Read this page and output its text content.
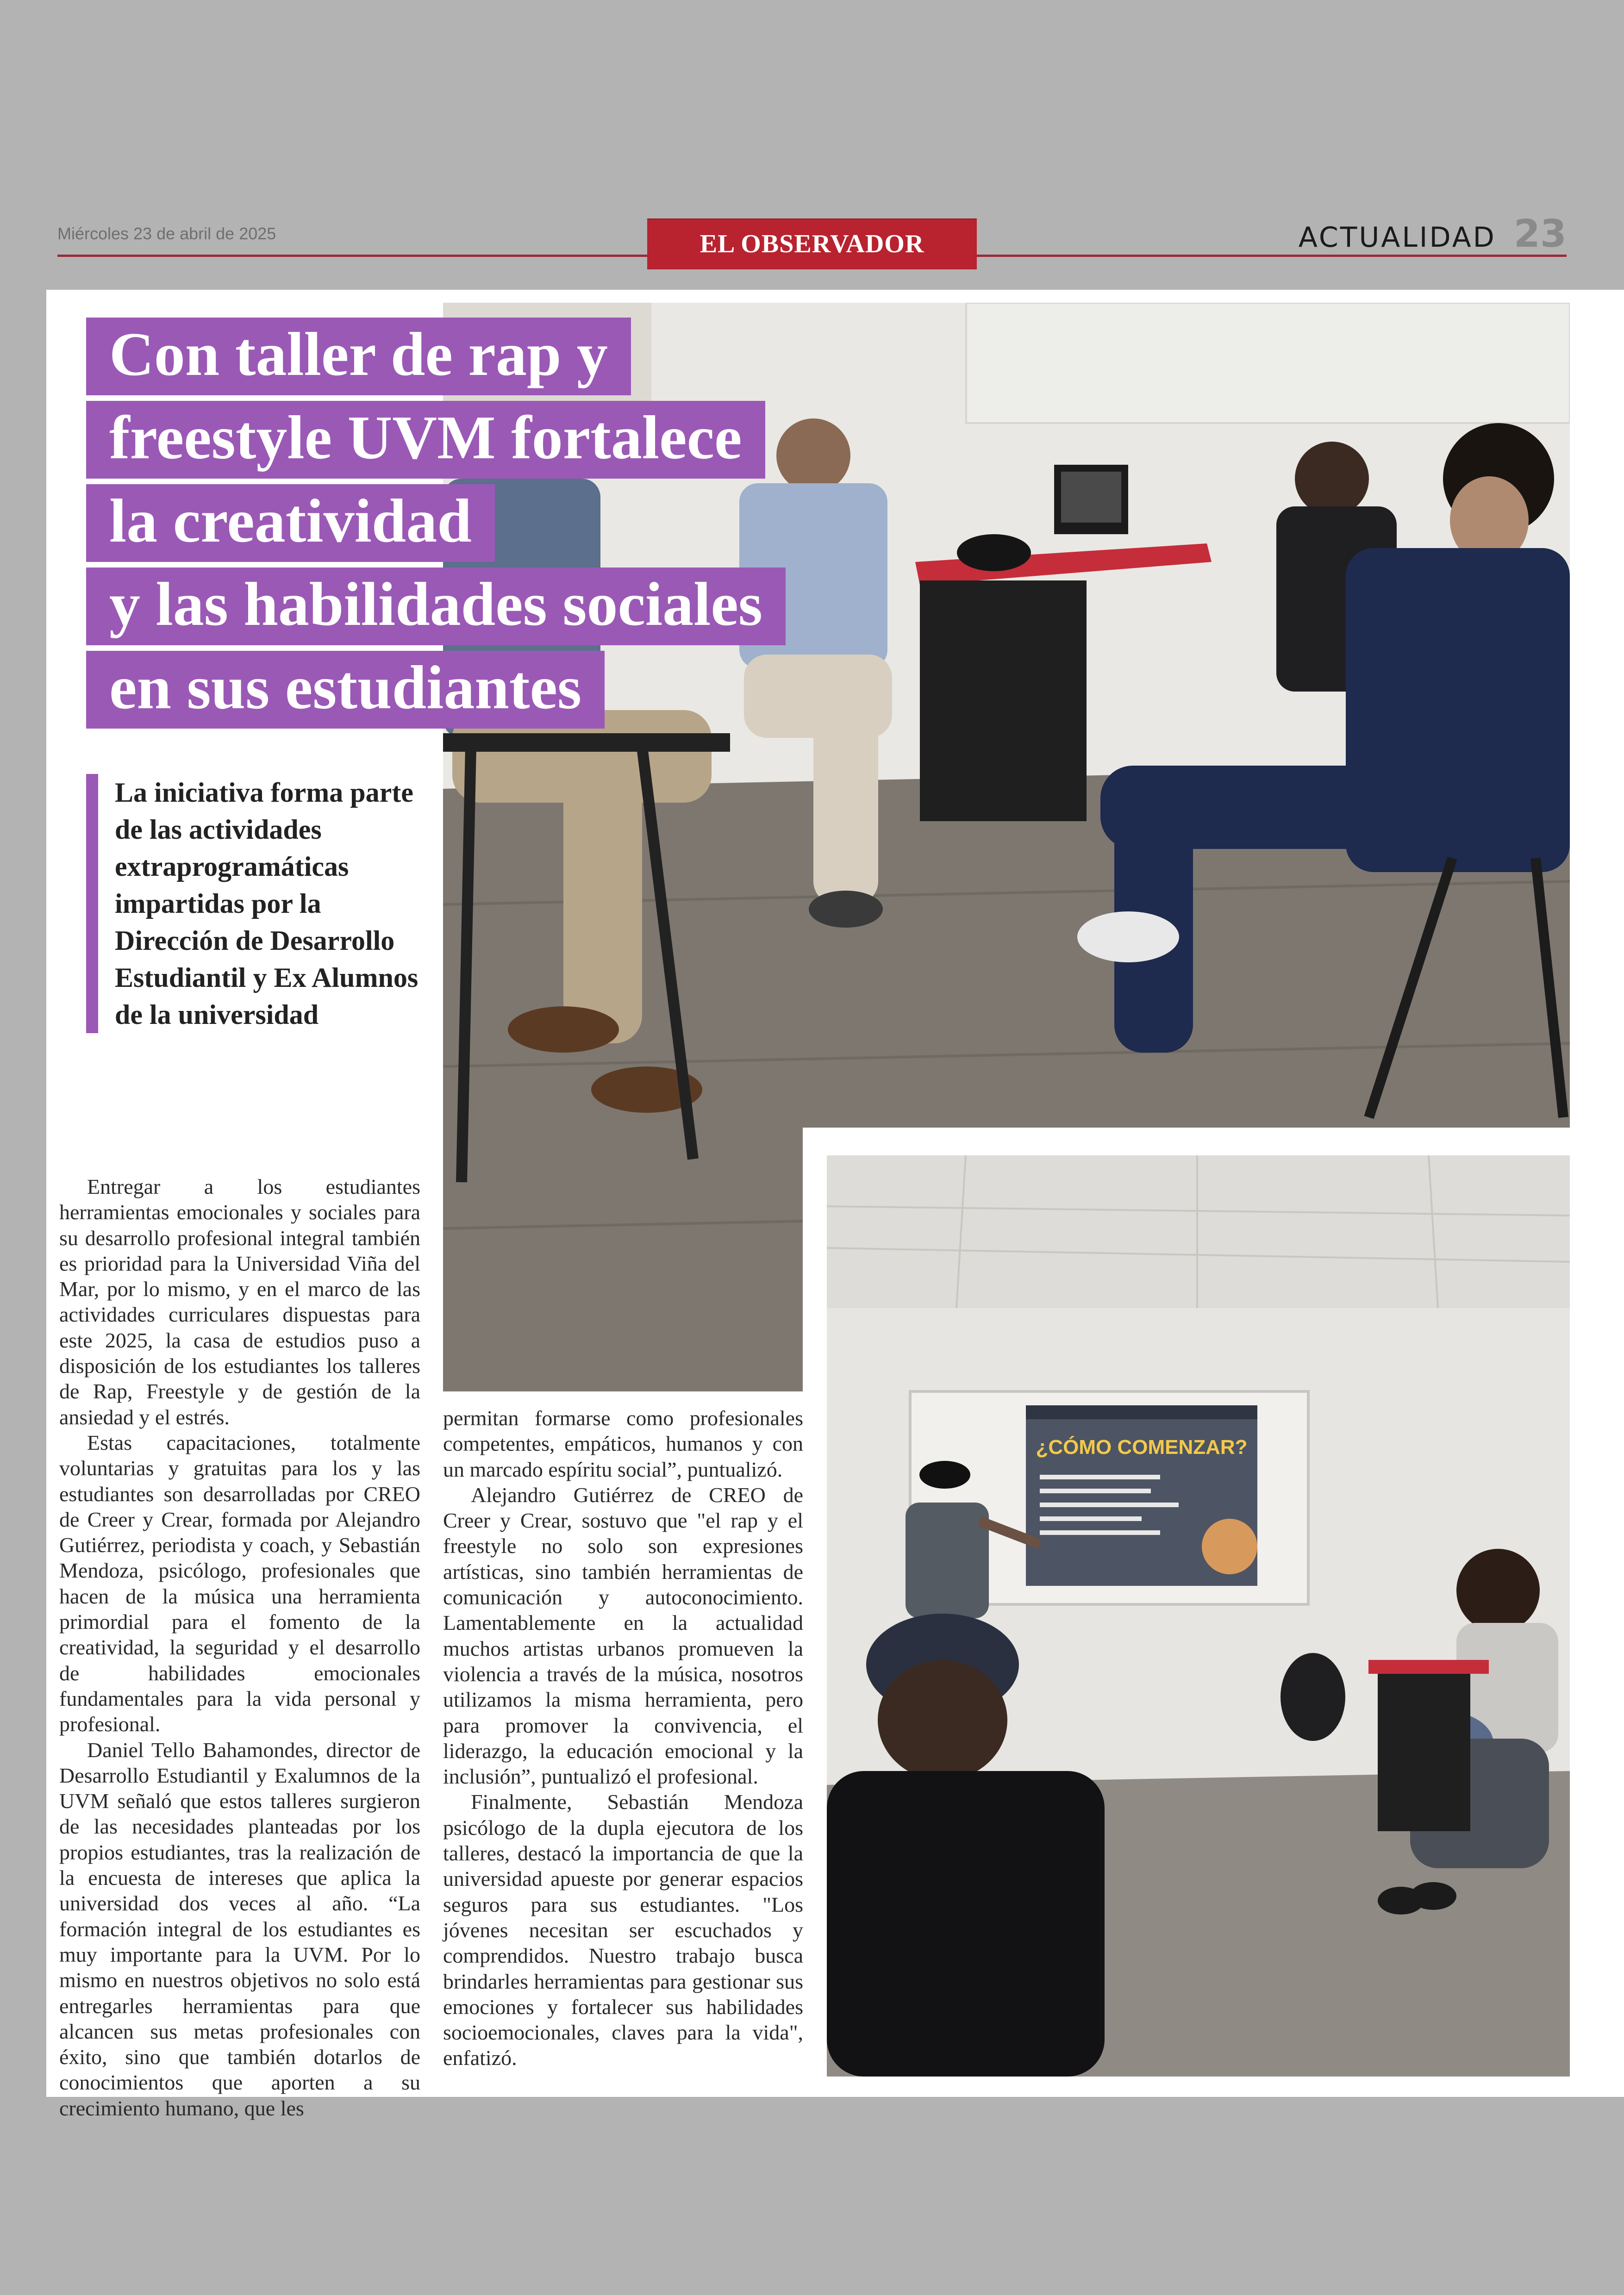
Miércoles 23 de abril de 2025	EL OBSERVADOR	ACTUALIDAD 23
¿CÓMO COMENZAR?
Con taller de rap y
freestyle UVM fortalece
la creatividad
y las habilidades sociales
en sus estudiantes

La iniciativa forma parte de las actividades extraprogramáticas impartidas por la Dirección de Desarrollo Estudiantil y Ex Alumnos de la universidad

Entregar a los estudiantes herramientas emocionales y sociales para su desarrollo profesional integral también es prioridad para la Universidad Viña del Mar, por lo mismo, y en el marco de las actividades curriculares dispuestas para este 2025, la casa de estudios puso a disposición de los estudiantes los talleres de Rap, Freestyle y de gestión de la ansiedad y el estrés.

Estas capacitaciones, totalmente voluntarias y gratuitas para los y las estudiantes son desarrolladas por CREO de Creer y Crear, formada por Alejandro Gutiérrez, periodista y coach, y Sebastián Mendoza, psicólogo, profesionales que hacen de la música una herramienta primordial para el fomento de la creatividad, la seguridad y el desarrollo de habilidades emocionales fundamentales para la vida personal y profesional.

Daniel Tello Bahamondes, director de Desarrollo Estudiantil y Exalumnos de la UVM señaló que estos talleres surgieron de las necesidades planteadas por los propios estudiantes, tras la realización de la encuesta de intereses que aplica la universidad dos veces al año. “La formación integral de los estudiantes es muy importante para la UVM. Por lo mismo en nuestros objetivos no solo está entregarles herramientas para que alcancen sus metas profesionales con éxito, sino que también dotarlos de conocimientos que aporten a su crecimiento humano, que les

permitan formarse como profesionales competentes, empáticos, humanos y con un marcado espíritu social”, puntualizó.

Alejandro Gutiérrez de CREO de Creer y Crear, sostuvo que "el rap y el freestyle no solo son expresiones artísticas, sino también herramientas de comunicación y autoconocimiento. Lamentablemente en la actualidad muchos artistas urbanos promueven la violencia a través de la música, nosotros utilizamos la misma herramienta, pero para promover la convivencia, el liderazgo, la educación emocional y la inclusión”, puntualizó el profesional.

Finalmente, Sebastián Mendoza psicólogo de la dupla ejecutora de los talleres, destacó la importancia de que la universidad apueste por generar espacios seguros para sus estudiantes. "Los jóvenes necesitan ser escuchados y comprendidos. Nuestro trabajo busca brindarles herramientas para gestionar sus emociones y fortalecer sus habilidades socioemocionales, claves para la vida", enfatizó.
